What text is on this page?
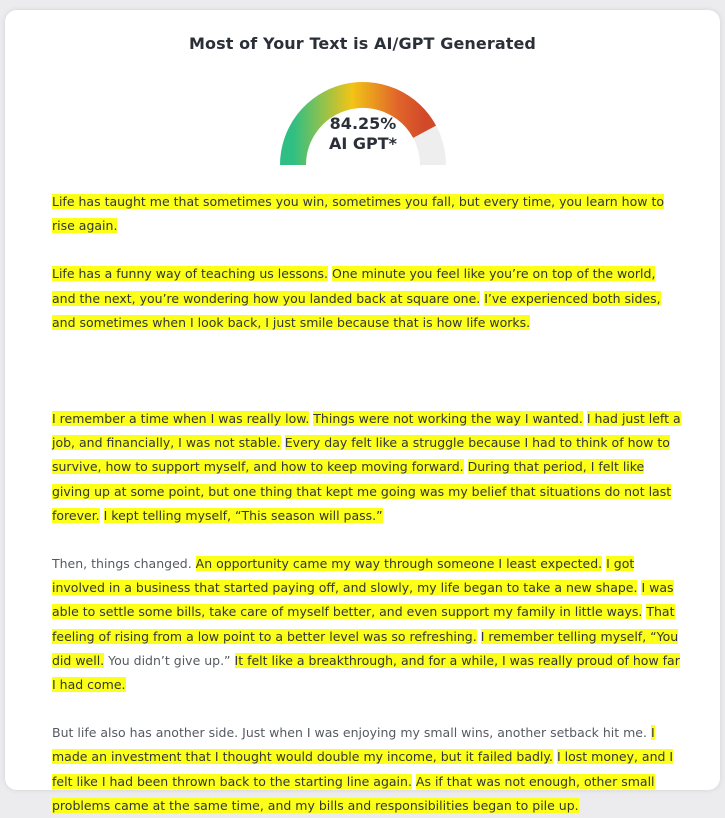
Most of Your Text is AI/GPT Generated
84.25%
AI GPT*

Life has taught me that sometimes you win, sometimes you fall, but every time, you learn how to rise again.

Life has a funny way of teaching us lessons. One minute you feel like you’re on top of the world, and the next, you’re wondering how you landed back at square one. I’ve experienced both sides, and sometimes when I look back, I just smile because that is how life works.

I remember a time when I was really low. Things were not working the way I wanted. I had just left a job, and financially, I was not stable. Every day felt like a struggle because I had to think of how to survive, how to support myself, and how to keep moving forward. During that period, I felt like giving up at some point, but one thing that kept me going was my belief that situations do not last forever. I kept telling myself, “This season will pass.”

Then, things changed. An opportunity came my way through someone I least expected. I got involved in a business that started paying off, and slowly, my life began to take a new shape. I was able to settle some bills, take care of myself better, and even support my family in little ways. That feeling of rising from a low point to a better level was so refreshing. I remember telling myself, “You did well. You didn’t give up.” It felt like a breakthrough, and for a while, I was really proud of how far I had come.

But life also has another side. Just when I was enjoying my small wins, another setback hit me. I made an investment that I thought would double my income, but it failed badly. I lost money, and I felt like I had been thrown back to the starting line again. As if that was not enough, other small problems came at the same time, and my bills and responsibilities began to pile up.
